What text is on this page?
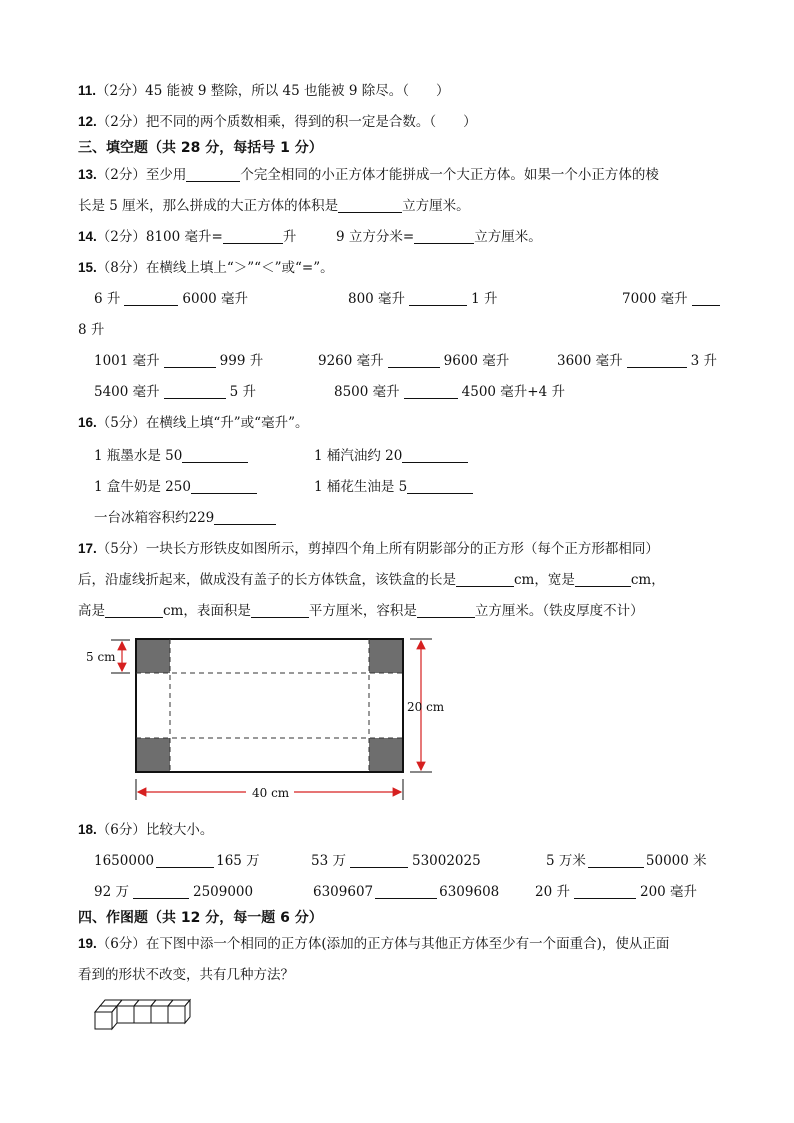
11.（2分）45 能被 9 整除，所以 45 也能被 9 除尽。（　　）
12.（2分）把不同的两个质数相乘，得到的积一定是合数。（　　）
三、填空题（共 28 分，每括号 1 分）
13.（2分）至少用	个完全相同的小正方体才能拼成一个大正方体。如果一个小正方体的棱
长是 5 厘米，那么拼成的大正方体的体积是	立方厘米。
14.（2分）8100 毫升=	升	9 立方分米=	立方厘米。
15.（8分）在横线上填上“＞”“＜”或“=”。
6 升	6000 毫升	800 毫升	1 升	7000 毫升
8 升
1001 毫升	999 升	9260 毫升	9600 毫升	3600 毫升	3 升
5400 毫升	5 升	8500 毫升	4500 毫升+4 升
16.（5分）在横线上填“升”或“毫升”。
1 瓶墨水是 50	1 桶汽油约 20
1 盒牛奶是 250	1 桶花生油是 5
一台冰箱容积约229
17.（5分）一块长方形铁皮如图所示，剪掉四个角上所有阴影部分的正方形（每个正方形都相同）
后，沿虚线折起来，做成没有盖子的长方体铁盒，该铁盒的长是	cm，宽是	cm，
高是	cm，表面积是	平方厘米，容积是	立方厘米。（铁皮厚度不计）
5 cm
20 cm
40 cm
18.（6分）比较大小。
1650000	165 万	53 万	53002025	5 万米	50000 米
92 万	2509000	6309607	6309608	20 升	200 毫升
四、作图题（共 12 分，每一题 6 分）
19.（6分）在下图中添一个相同的正方体(添加的正方体与其他正方体至少有一个面重合)，使从正面
看到的形状不改变，共有几种方法？
